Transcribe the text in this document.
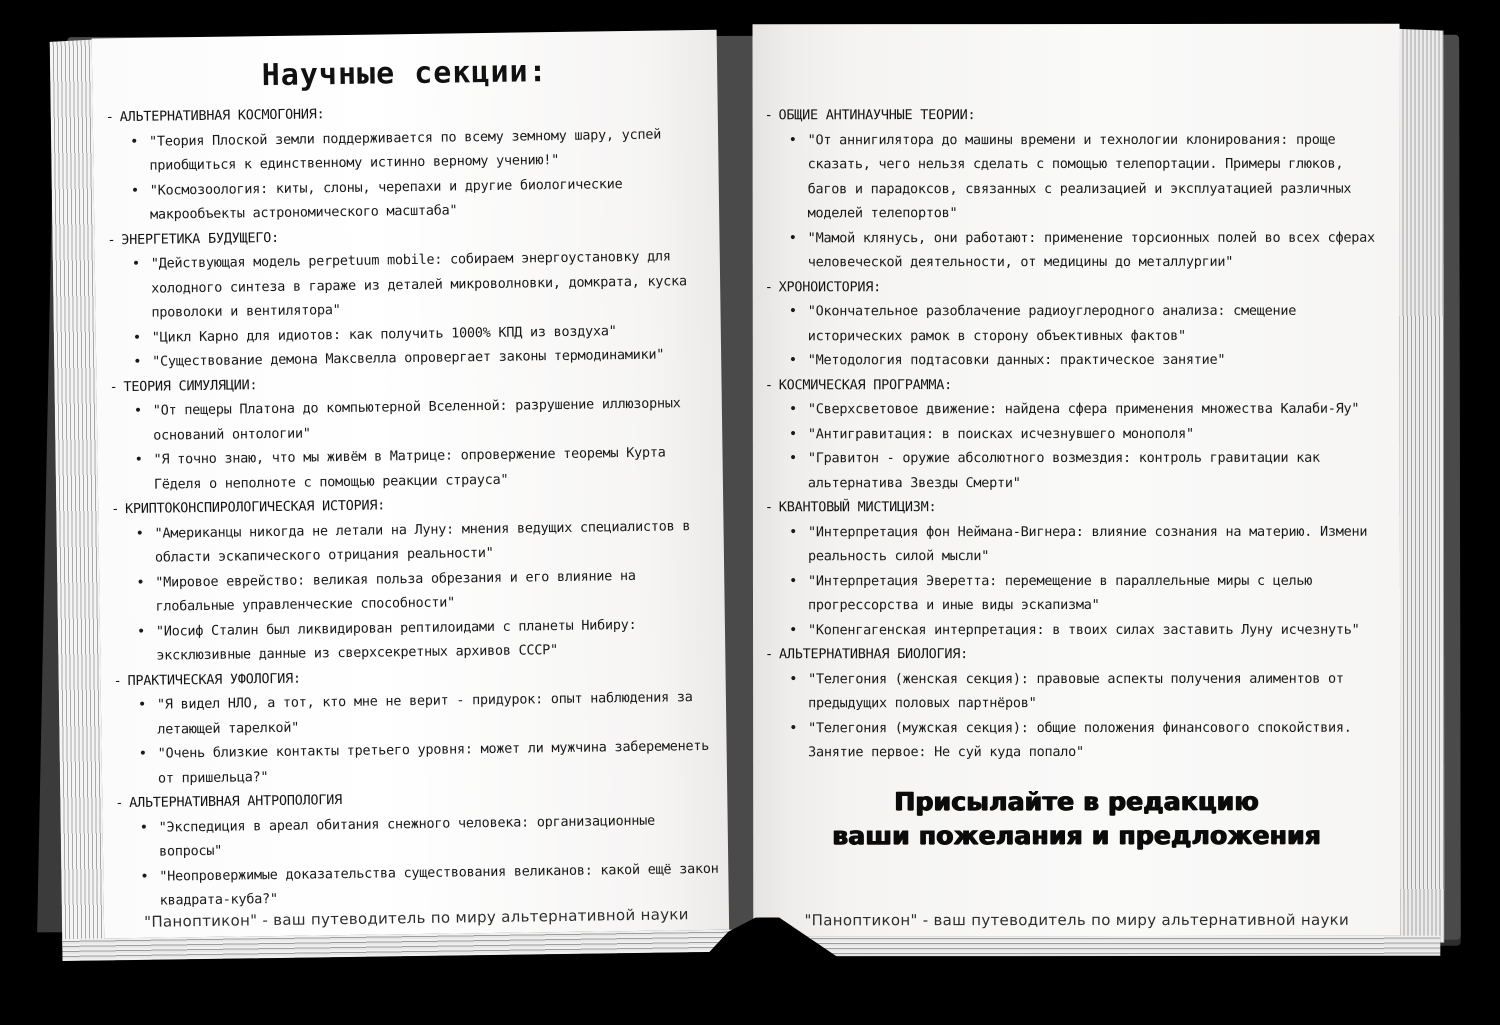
Научные секции:
- АЛЬТЕРНАТИВНАЯ КОСМОГОНИЯ:
• "Теория Плоской земли поддерживается по всему земному шару, успей приобщиться к единственному истинно верному учению!"
• "Космозоология: киты, слоны, черепахи и другие биологические макрообъекты астрономического масштаба"
- ЭНЕРГЕТИКА БУДУЩЕГО:
• "Действующая модель perpetuum mobile: собираем энергоустановку для холодного синтеза в гараже из деталей микроволновки, домкрата, куска проволоки и вентилятора"
• "Цикл Карно для идиотов: как получить 1000% КПД из воздуха"
• "Существование демона Максвелла опровергает законы термодинамики"
- ТЕОРИЯ СИМУЛЯЦИИ:
• "От пещеры Платона до компьютерной Вселенной: разрушение иллюзорных оснований онтологии"
• "Я точно знаю, что мы живём в Матрице: опровержение теоремы Курта Гёделя о неполноте с помощью реакции страуса"
- КРИПТОКОНСПИРОЛОГИЧЕСКАЯ ИСТОРИЯ:
• "Американцы никогда не летали на Луну: мнения ведущих специалистов в области эскапического отрицания реальности"
• "Мировое еврейство: великая польза обрезания и его влияние на глобальные управленческие способности"
• "Иосиф Сталин был ликвидирован рептилоидами с планеты Нибиру: эксклюзивные данные из сверхсекретных архивов СССР"
- ПРАКТИЧЕСКАЯ УФОЛОГИЯ:
• "Я видел НЛО, а тот, кто мне не верит - придурок: опыт наблюдения за летающей тарелкой"
• "Очень близкие контакты третьего уровня: может ли мужчина забеременеть от пришельца?"
- АЛЬТЕРНАТИВНАЯ АНТРОПОЛОГИЯ
• "Экспедиция в ареал обитания снежного человека: организационные вопросы"
• "Неопровержимые доказательства существования великанов: какой ещё закон квадрата-куба?"
"Паноптикон" - ваш путеводитель по миру альтернативной науки
- ОБЩИЕ АНТИНАУЧНЫЕ ТЕОРИИ:
• "От аннигилятора до машины времени и технологии клонирования: проще сказать, чего нельзя сделать с помощью телепортации. Примеры глюков, багов и парадоксов, связанных с реализацией и эксплуатацией различных моделей телепортов"
• "Мамой клянусь, они работают: применение торсионных полей во всех сферах человеческой деятельности, от медицины до металлургии"
- ХРОНОИСТОРИЯ:
• "Окончательное разоблачение радиоуглеродного анализа: смещение исторических рамок в сторону объективных фактов"
• "Методология подтасовки данных: практическое занятие"
- КОСМИЧЕСКАЯ ПРОГРАММА:
• "Сверхсветовое движение: найдена сфера применения множества Калаби-Яу"
• "Антигравитация: в поисках исчезнувшего монополя"
• "Гравитон - оружие абсолютного возмездия: контроль гравитации как альтернатива Звезды Смерти"
- КВАНТОВЫЙ МИСТИЦИЗМ:
• "Интерпретация фон Неймана-Вигнера: влияние сознания на материю. Измени реальность силой мысли"
• "Интерпретация Эверетта: перемещение в параллельные миры с целью прогрессорства и иные виды эскапизма"
• "Копенгагенская интерпретация: в твоих силах заставить Луну исчезнуть"
- АЛЬТЕРНАТИВНАЯ БИОЛОГИЯ:
• "Телегония (женская секция): правовые аспекты получения алиментов от предыдущих половых партнёров"
• "Телегония (мужская секция): общие положения финансового спокойствия. Занятие первое: Не суй куда попало"
Присылайте в редакцию
ваши пожелания и предложения
"Паноптикон" - ваш путеводитель по миру альтернативной науки
